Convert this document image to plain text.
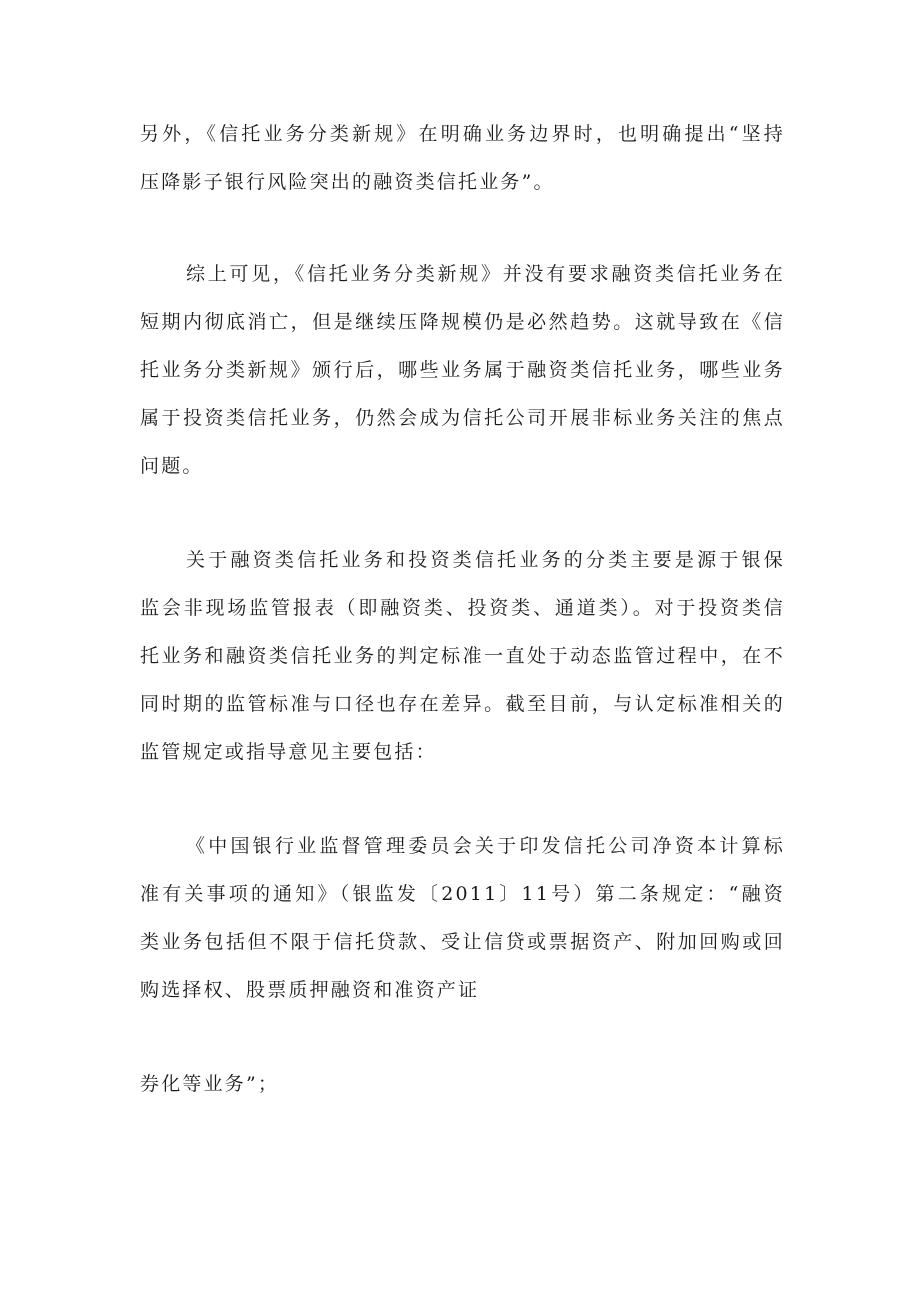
另外，《信托业务分类新规》在明确业务边界时，也明确提出“坚持
压降影子银行风险突出的融资类信托业务”。
综上可见，《信托业务分类新规》并没有要求融资类信托业务在
短期内彻底消亡，但是继续压降规模仍是必然趋势。这就导致在《信
托业务分类新规》颁行后，哪些业务属于融资类信托业务，哪些业务
属于投资类信托业务，仍然会成为信托公司开展非标业务关注的焦点
问题。
关于融资类信托业务和投资类信托业务的分类主要是源于银保
监会非现场监管报表（即融资类、投资类、通道类）。对于投资类信
托业务和融资类信托业务的判定标准一直处于动态监管过程中，在不
同时期的监管标准与口径也存在差异。截至目前，与认定标准相关的
监管规定或指导意见主要包括：
《中国银行业监督管理委员会关于印发信托公司净资本计算标
准有关事项的通知》（银监发〔2011〕11号）第二条规定：“融资
类业务包括但不限于信托贷款、受让信贷或票据资产、附加回购或回
购选择权、股票质押融资和准资产证
券化等业务”；
